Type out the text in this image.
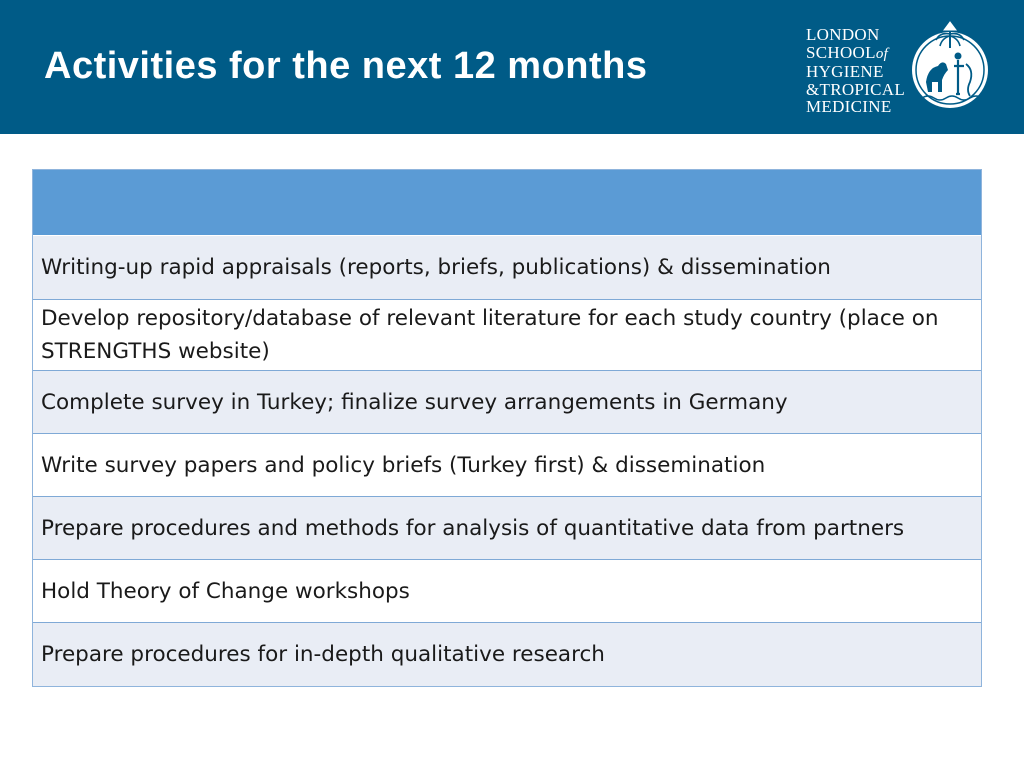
Activities for the next 12 months
LONDON
SCHOOLof
HYGIENE
&TROPICAL
MEDICINE
Writing-up rapid appraisals (reports, briefs, publications) & dissemination
Develop repository/database of relevant literature for each study country (place on STRENGTHS website)
Complete survey in Turkey; finalize survey arrangements in Germany
Write survey papers and policy briefs (Turkey first) & dissemination
Prepare procedures and methods for analysis of quantitative data from partners
Hold Theory of Change workshops
Prepare procedures for in-depth qualitative research
